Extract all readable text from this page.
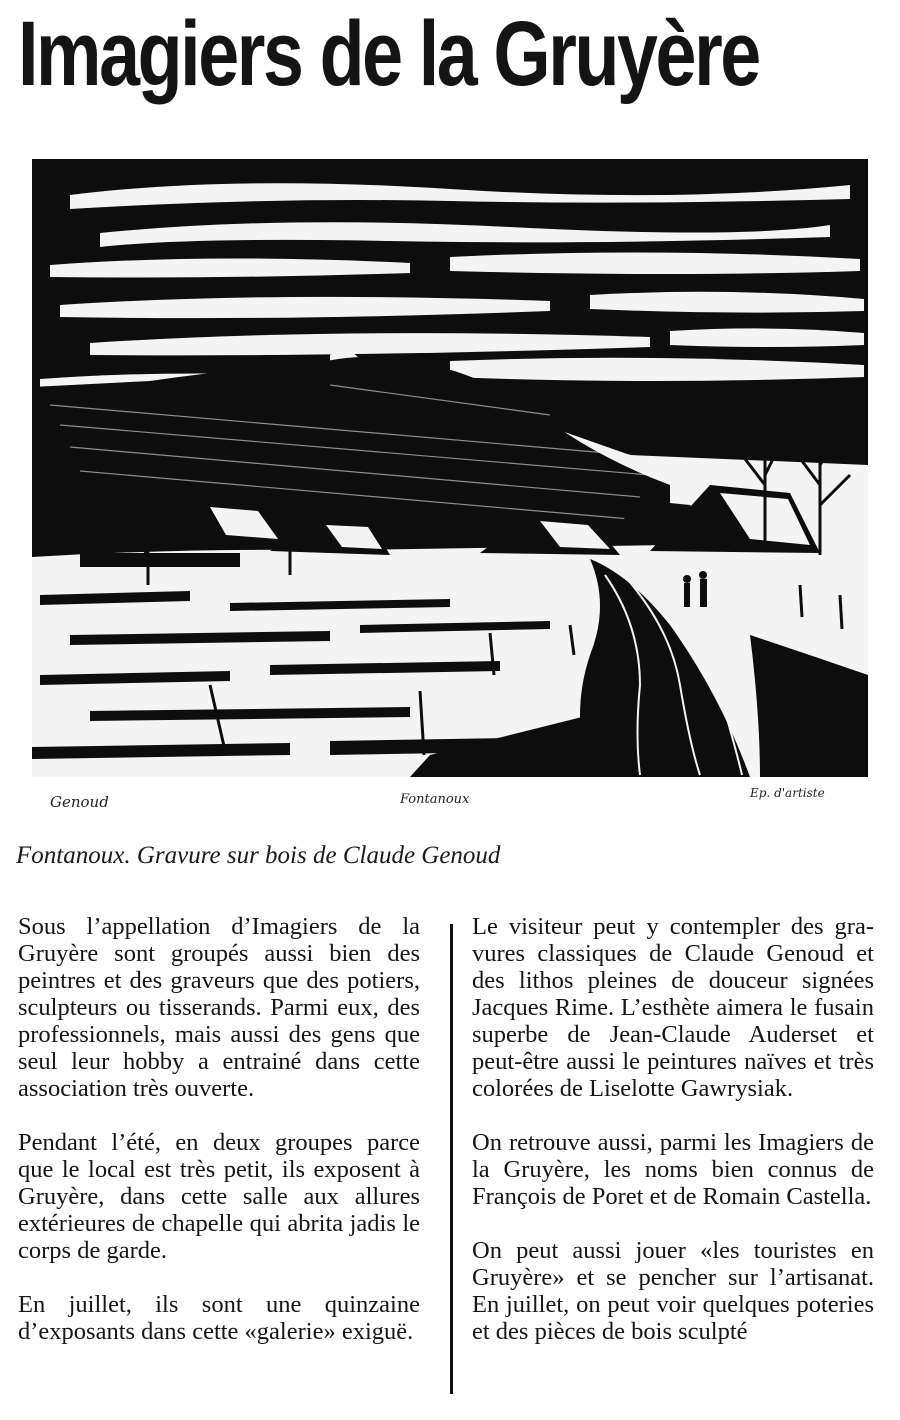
Imagiers de la Gruyère
Genoud	Fontanoux	Ep. d'artiste
Fontanoux. Gravure sur bois de Claude Genoud

Sous l’appellation d’Imagiers de la Gruyère sont groupés aussi bien des peintres et des graveurs que des potiers, sculpteurs ou tisserands. Parmi eux, des professionnels, mais aussi des gens que seul leur hobby a entrainé dans cette association très ouverte.

Pendant l’été, en deux groupes parce que le local est très petit, ils exposent à Gruyère, dans cette salle aux allures extérieures de chapelle qui abrita jadis le corps de garde.

En juillet, ils sont une quinzaine d’exposants dans cette «galerie» exiguë.

Le visiteur peut y contempler des gravures classiques de Claude Genoud et des lithos pleines de douceur signées Jacques Rime. L’esthète aimera le fusain superbe de Jean-Claude Auderset et peut-être aussi le peintures naïves et très colorées de Liselotte Gawrysiak.

On retrouve aussi, parmi les Imagiers de la Gruyère, les noms bien connus de François de Poret et de Romain Castella.

On peut aussi jouer «les touristes en Gruyère» et se pencher sur l’artisanat. En juillet, on peut voir quelques poteries et des pièces de bois sculpté
